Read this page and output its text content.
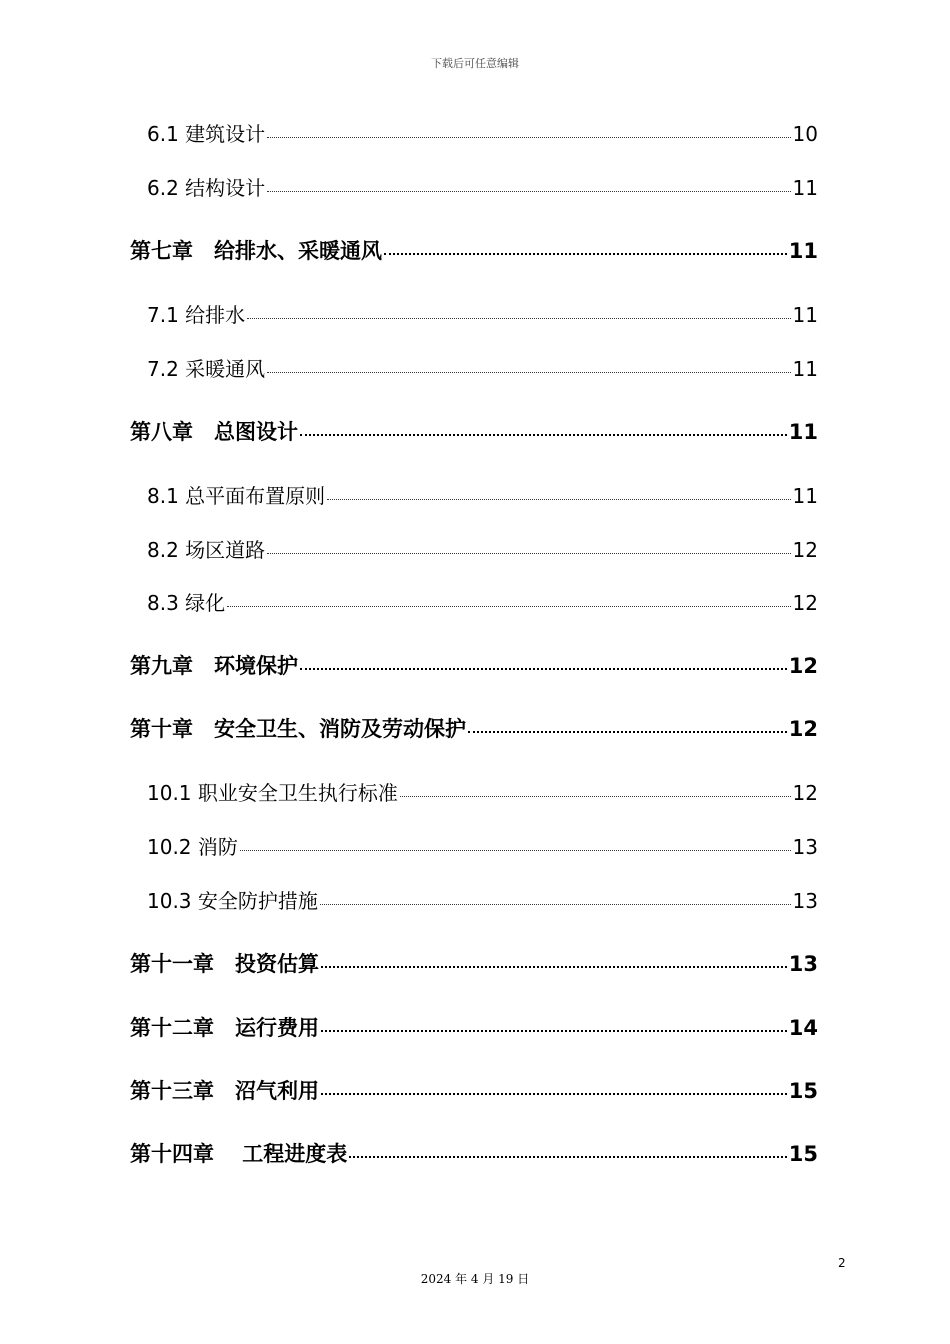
下载后可任意编辑
6.1 建筑设计	10
6.2 结构设计	11
第七章　给排水、采暖通风	11
7.1 给排水	11
7.2 采暖通风	11
第八章　总图设计	11
8.1 总平面布置原则	11
8.2 场区道路	12
8.3 绿化	12
第九章　环境保护	12
第十章　安全卫生、消防及劳动保护	12
10.1 职业安全卫生执行标准	12
10.2 消防	13
10.3 安全防护措施	13
第十一章　投资估算	13
第十二章　运行费用	14
第十三章　沼气利用	15
第十四章　 工程进度表	15
2
2024 年 4 月 19 日
